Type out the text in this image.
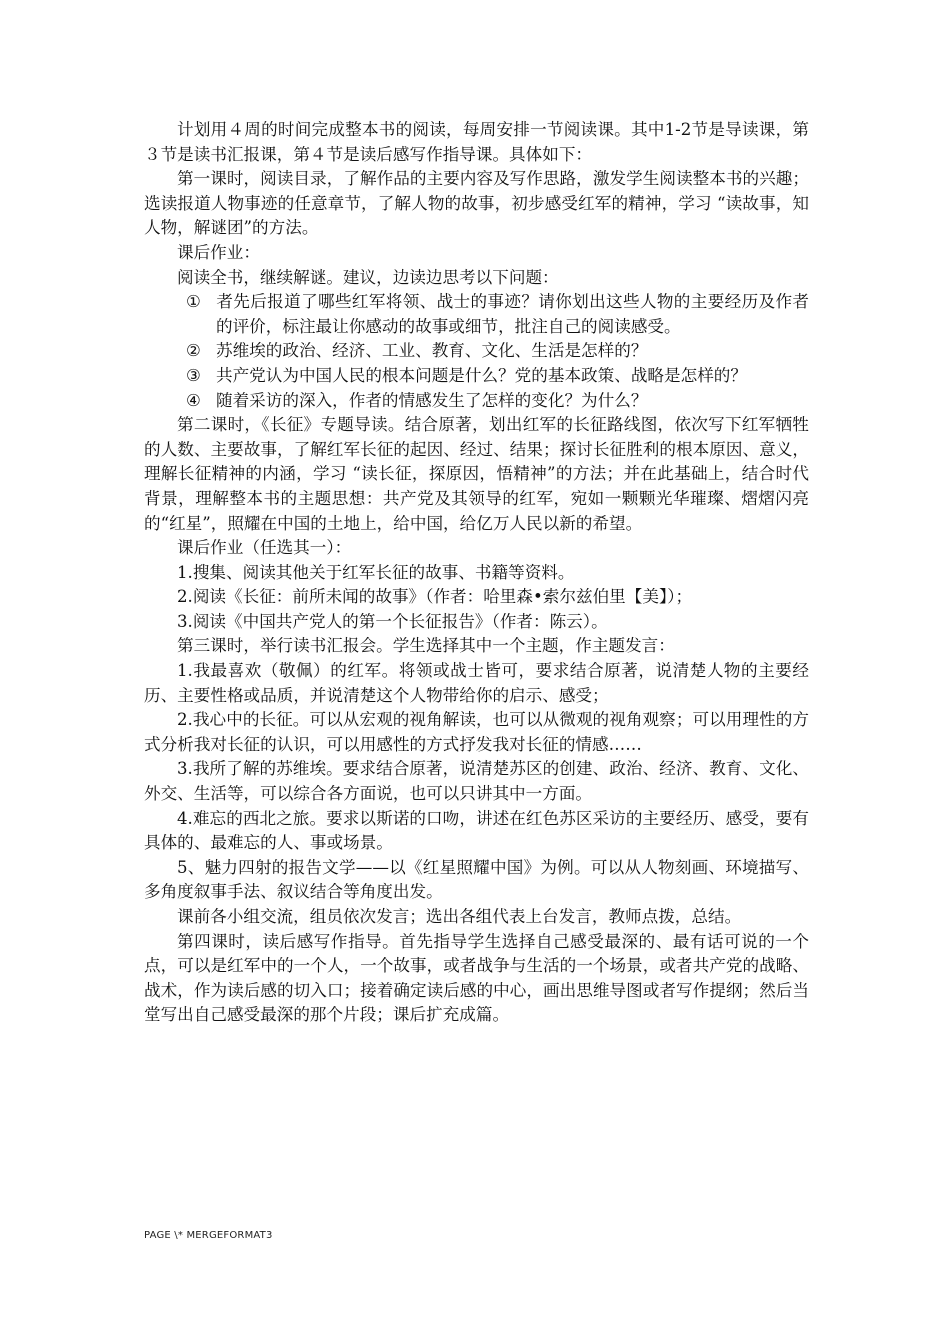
计划用４周的时间完成整本书的阅读，每周安排一节阅读课。其中1-2节是导读课，第３节是读书汇报课，第４节是读后感写作指导课。具体如下：

第一课时，阅读目录，了解作品的主要内容及写作思路，激发学生阅读整本书的兴趣；选读报道人物事迹的任意章节，了解人物的故事，初步感受红军的精神，学习 “读故事，知人物，解谜团”的方法。

课后作业：

阅读全书，继续解谜。建议，边读边思考以下问题：

① 者先后报道了哪些红军将领、战士的事迹？请你划出这些人物的主要经历及作者的评价，标注最让你感动的故事或细节，批注自己的阅读感受。
② 苏维埃的政治、经济、工业、教育、文化、生活是怎样的？
③ 共产党认为中国人民的根本问题是什么？党的基本政策、战略是怎样的？
④ 随着采访的深入，作者的情感发生了怎样的变化？为什么？

第二课时，《长征》专题导读。结合原著，划出红军的长征路线图，依次写下红军牺牲的人数、主要故事，了解红军长征的起因、经过、结果；探讨长征胜利的根本原因、意义，理解长征精神的内涵，学习 “读长征，探原因，悟精神”的方法；并在此基础上，结合时代背景，理解整本书的主题思想：共产党及其领导的红军，宛如一颗颗光华璀璨、熠熠闪亮的“红星”，照耀在中国的土地上，给中国，给亿万人民以新的希望。

课后作业（任选其一）：

1.搜集、阅读其他关于红军长征的故事、书籍等资料。

2.阅读《长征：前所未闻的故事》（作者：哈里森•索尔兹伯里【美】）；

3.阅读《中国共产党人的第一个长征报告》（作者：陈云）。

第三课时，举行读书汇报会。学生选择其中一个主题，作主题发言：

1.我最喜欢（敬佩）的红军。将领或战士皆可，要求结合原著，说清楚人物的主要经历、主要性格或品质，并说清楚这个人物带给你的启示、感受；

2.我心中的长征。可以从宏观的视角解读，也可以从微观的视角观察；可以用理性的方式分析我对长征的认识，可以用感性的方式抒发我对长征的情感……

3.我所了解的苏维埃。要求结合原著，说清楚苏区的创建、政治、经济、教育、文化、外交、生活等，可以综合各方面说，也可以只讲其中一方面。

4.难忘的西北之旅。要求以斯诺的口吻，讲述在红色苏区采访的主要经历、感受，要有具体的、最难忘的人、事或场景。

5、魅力四射的报告文学——以《红星照耀中国》为例。可以从人物刻画、环境描写、多角度叙事手法、叙议结合等角度出发。

课前各小组交流，组员依次发言；选出各组代表上台发言，教师点拨，总结。

第四课时，读后感写作指导。首先指导学生选择自己感受最深的、最有话可说的一个点，可以是红军中的一个人，一个故事，或者战争与生活的一个场景，或者共产党的战略、战术，作为读后感的切入口；接着确定读后感的中心，画出思维导图或者写作提纲；然后当堂写出自己感受最深的那个片段；课后扩充成篇。

PAGE \* MERGEFORMAT3
